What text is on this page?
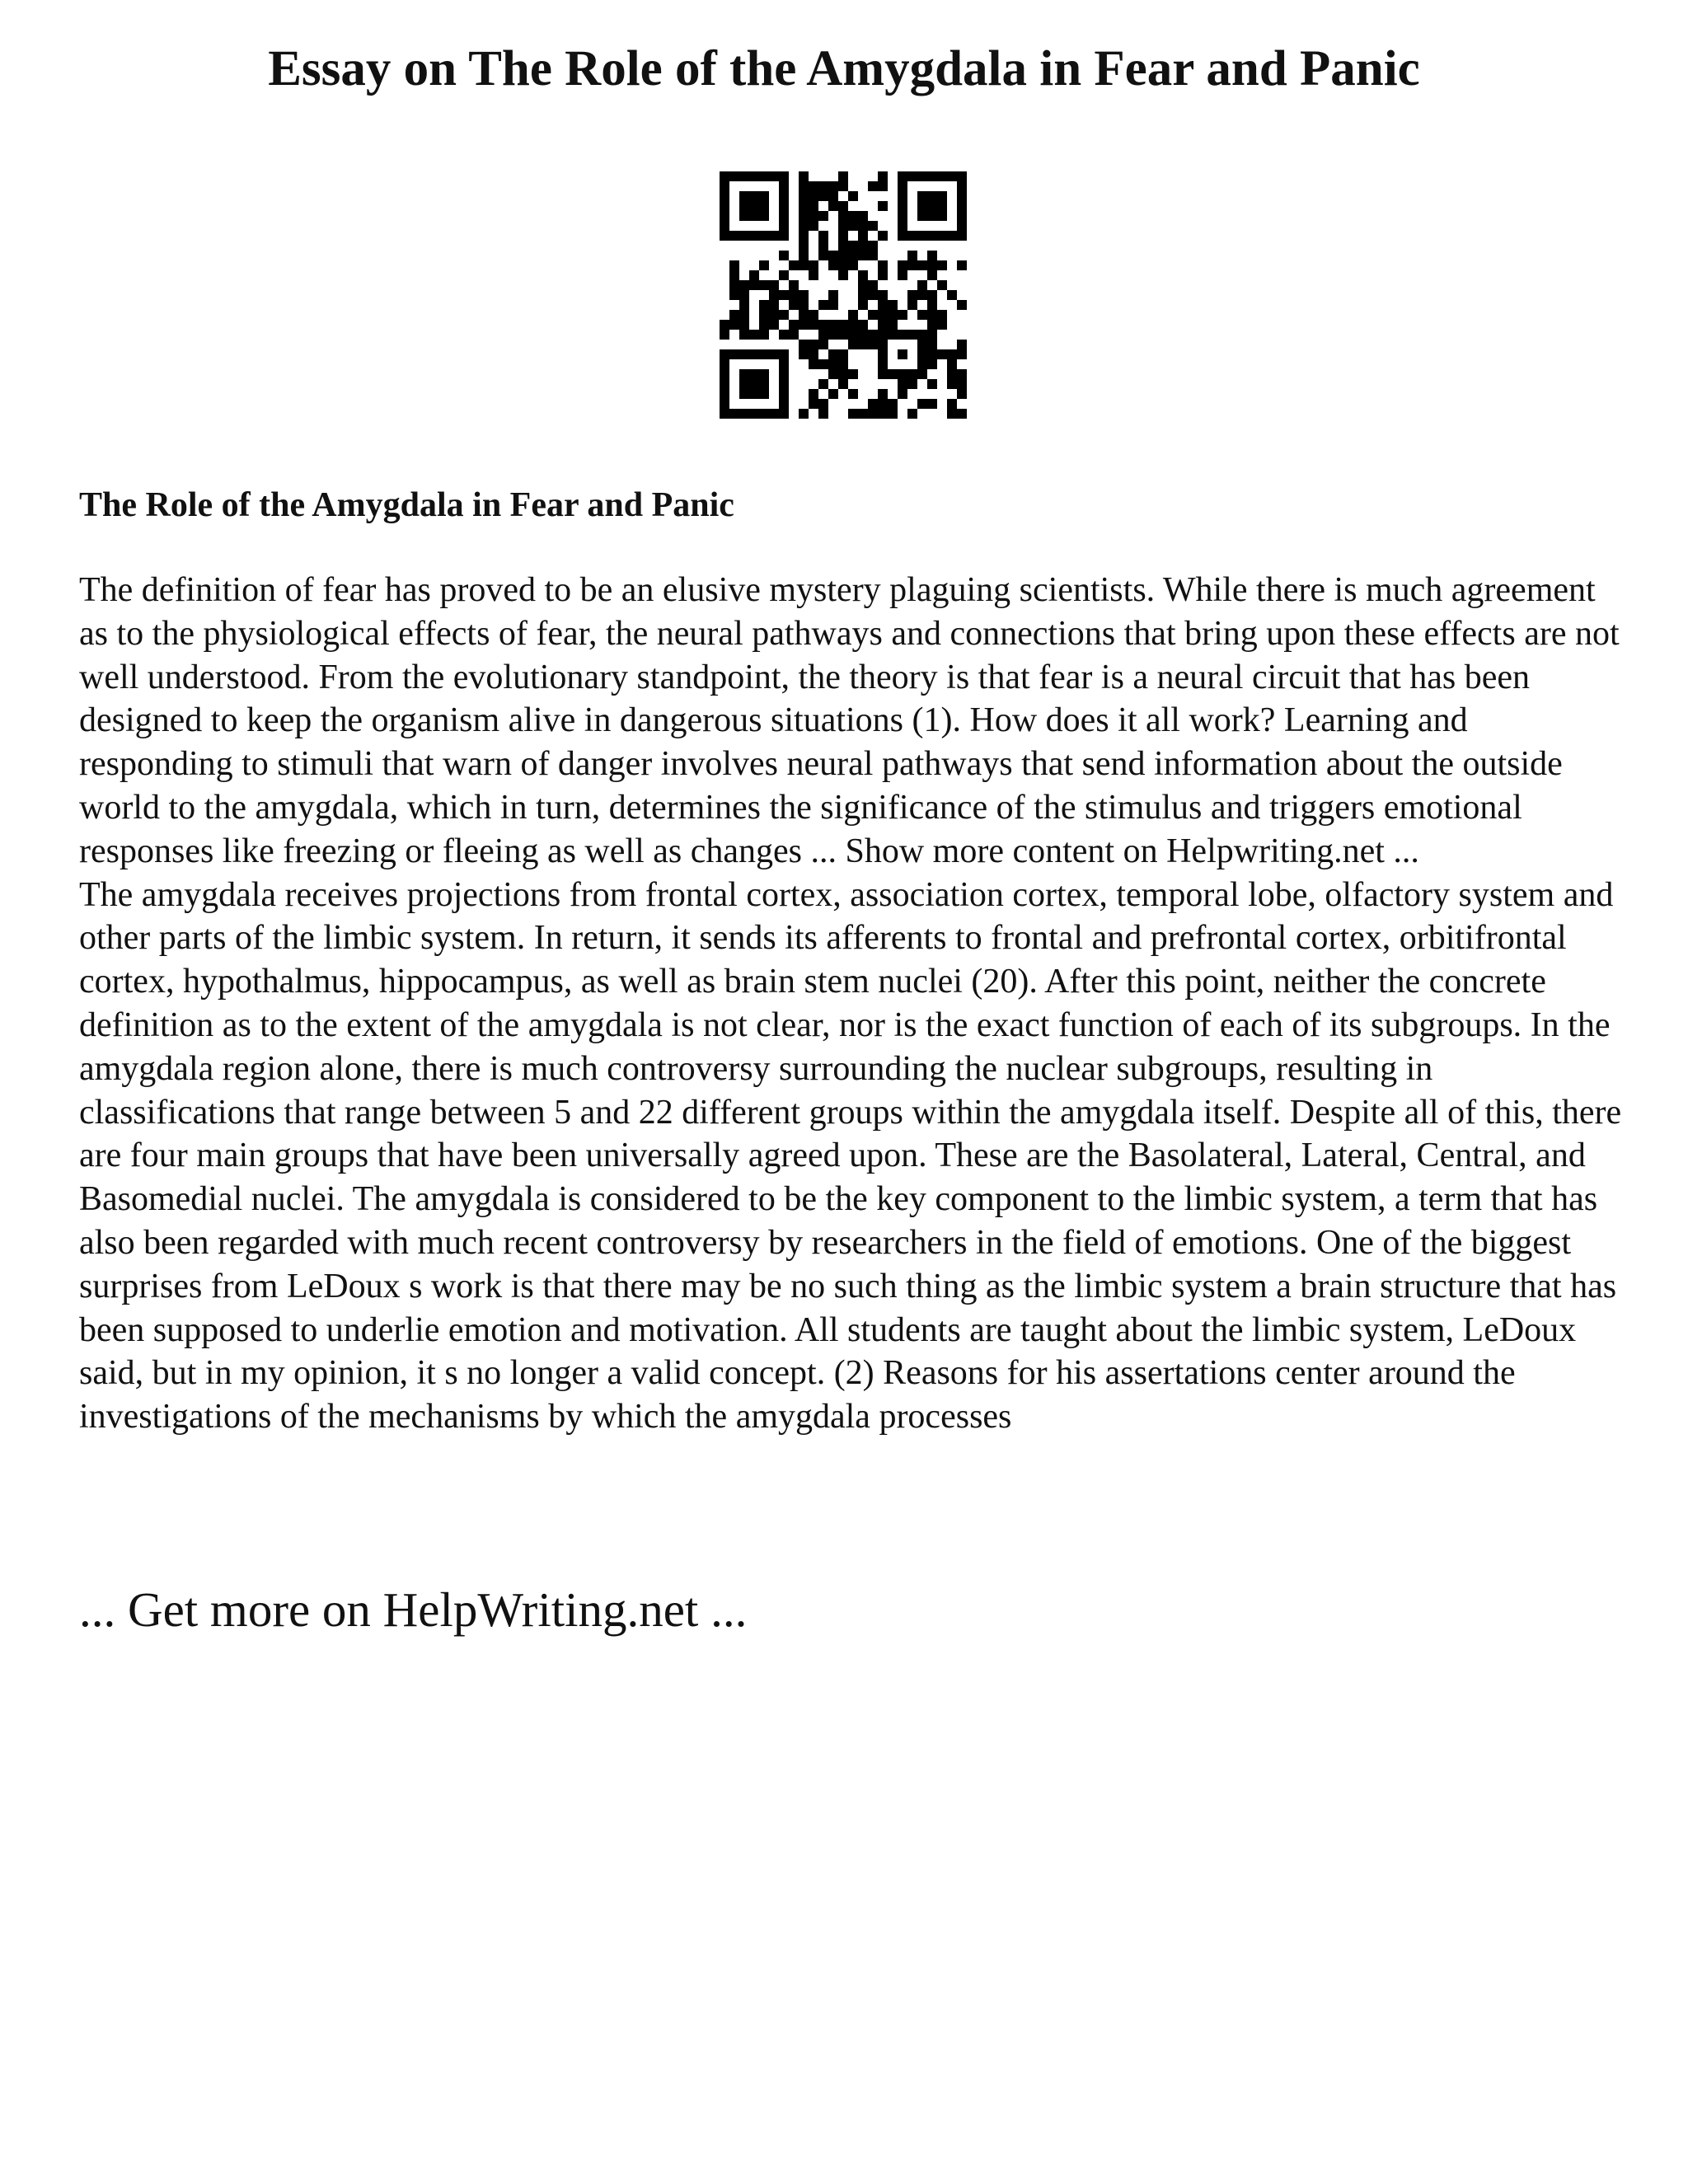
Essay on The Role of the Amygdala in Fear and Panic
The Role of the Amygdala in Fear and Panic

The definition of fear has proved to be an elusive mystery plaguing scientists. While there is much agreement as to the physiological effects of fear, the neural pathways and connections that bring upon these effects are not well understood. From the evolutionary standpoint, the theory is that fear is a neural circuit that has been designed to keep the organism alive in dangerous situations (1). How does it all work? Learning and responding to stimuli that warn of danger involves neural pathways that send information about the outside world to the amygdala, which in turn, determines the significance of the stimulus and triggers emotional responses like freezing or fleeing as well as changes ... Show more content on Helpwriting.net ...

The amygdala receives projections from frontal cortex, association cortex, temporal lobe, olfactory system and other parts of the limbic system. In return, it sends its afferents to frontal and prefrontal cortex, orbitifrontal cortex, hypothalmus, hippocampus, as well as brain stem nuclei (20). After this point, neither the concrete definition as to the extent of the amygdala is not clear, nor is the exact function of each of its subgroups. In the amygdala region alone, there is much controversy surrounding the nuclear subgroups, resulting in classifications that range between 5 and 22 different groups within the amygdala itself. Despite all of this, there are four main groups that have been universally agreed upon. These are the Basolateral, Lateral, Central, and Basomedial nuclei. The amygdala is considered to be the key component to the limbic system, a term that has also been regarded with much recent controversy by researchers in the field of emotions. One of the biggest surprises from LeDoux s work is that there may be no such thing as the limbic system a brain structure that has been supposed to underlie emotion and motivation. All students are taught about the limbic system, LeDoux said, but in my opinion, it s no longer a valid concept. (2) Reasons for his assertations center around the investigations of the mechanisms by which the amygdala processes

... Get more on HelpWriting.net ...
